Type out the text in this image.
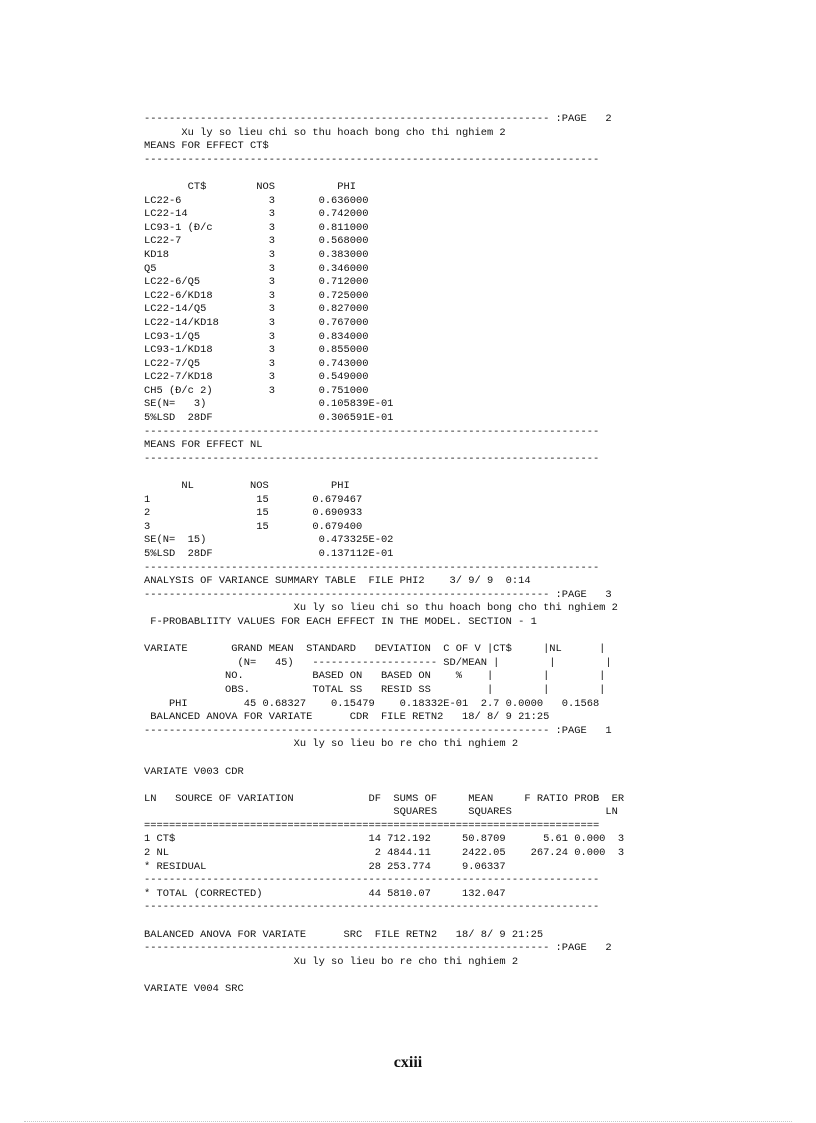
----------------------------------------------------------------- :PAGE   2
Xu ly so lieu chi so thu hoach bong cho thi nghiem 2
MEANS FOR EFFECT CT$
-------------------------------------------------------------------------
CT$        NOS          PHI
LC22-6              3       0.636000
LC22-14             3       0.742000
LC93-1 (Đ/c         3       0.811000
LC22-7              3       0.568000
KD18                3       0.383000
Q5                  3       0.346000
LC22-6/Q5           3       0.712000
LC22-6/KD18         3       0.725000
LC22-14/Q5          3       0.827000
LC22-14/KD18        3       0.767000
LC93-1/Q5           3       0.834000
LC93-1/KD18         3       0.855000
LC22-7/Q5           3       0.743000
LC22-7/KD18         3       0.549000
CH5 (Đ/c 2)         3       0.751000
SE(N=   3)                  0.105839E-01
5%LSD  28DF                 0.306591E-01
-------------------------------------------------------------------------
MEANS FOR EFFECT NL
-------------------------------------------------------------------------
NL         NOS          PHI
1                 15       0.679467
2                 15       0.690933
3                 15       0.679400
SE(N=  15)                  0.473325E-02
5%LSD  28DF                 0.137112E-01
-------------------------------------------------------------------------
ANALYSIS OF VARIANCE SUMMARY TABLE  FILE PHI2    3/ 9/ 9  0:14
----------------------------------------------------------------- :PAGE   3
Xu ly so lieu chi so thu hoach bong cho thi nghiem 2
F-PROBABLIITY VALUES FOR EACH EFFECT IN THE MODEL. SECTION - 1
VARIATE       GRAND MEAN  STANDARD   DEVIATION  C OF V |CT$     |NL      |
(N=   45)   -------------------- SD/MEAN |        |        |
NO.           BASED ON   BASED ON    %    |        |        |
OBS.          TOTAL SS   RESID SS         |        |        |
PHI         45 0.68327    0.15479    0.18332E-01  2.7 0.0000   0.1568
BALANCED ANOVA FOR VARIATE      CDR  FILE RETN2   18/ 8/ 9 21:25
----------------------------------------------------------------- :PAGE   1
Xu ly so lieu bo re cho thi nghiem 2
VARIATE V003 CDR
LN   SOURCE OF VARIATION            DF  SUMS OF     MEAN     F RATIO PROB  ER
SQUARES     SQUARES               LN
=========================================================================
1 CT$                               14 712.192     50.8709      5.61 0.000  3
2 NL                                 2 4844.11     2422.05    267.24 0.000  3
* RESIDUAL                          28 253.774     9.06337
-------------------------------------------------------------------------
* TOTAL (CORRECTED)                 44 5810.07     132.047
-------------------------------------------------------------------------
BALANCED ANOVA FOR VARIATE      SRC  FILE RETN2   18/ 8/ 9 21:25
----------------------------------------------------------------- :PAGE   2
Xu ly so lieu bo re cho thi nghiem 2
VARIATE V004 SRC
cxiii
